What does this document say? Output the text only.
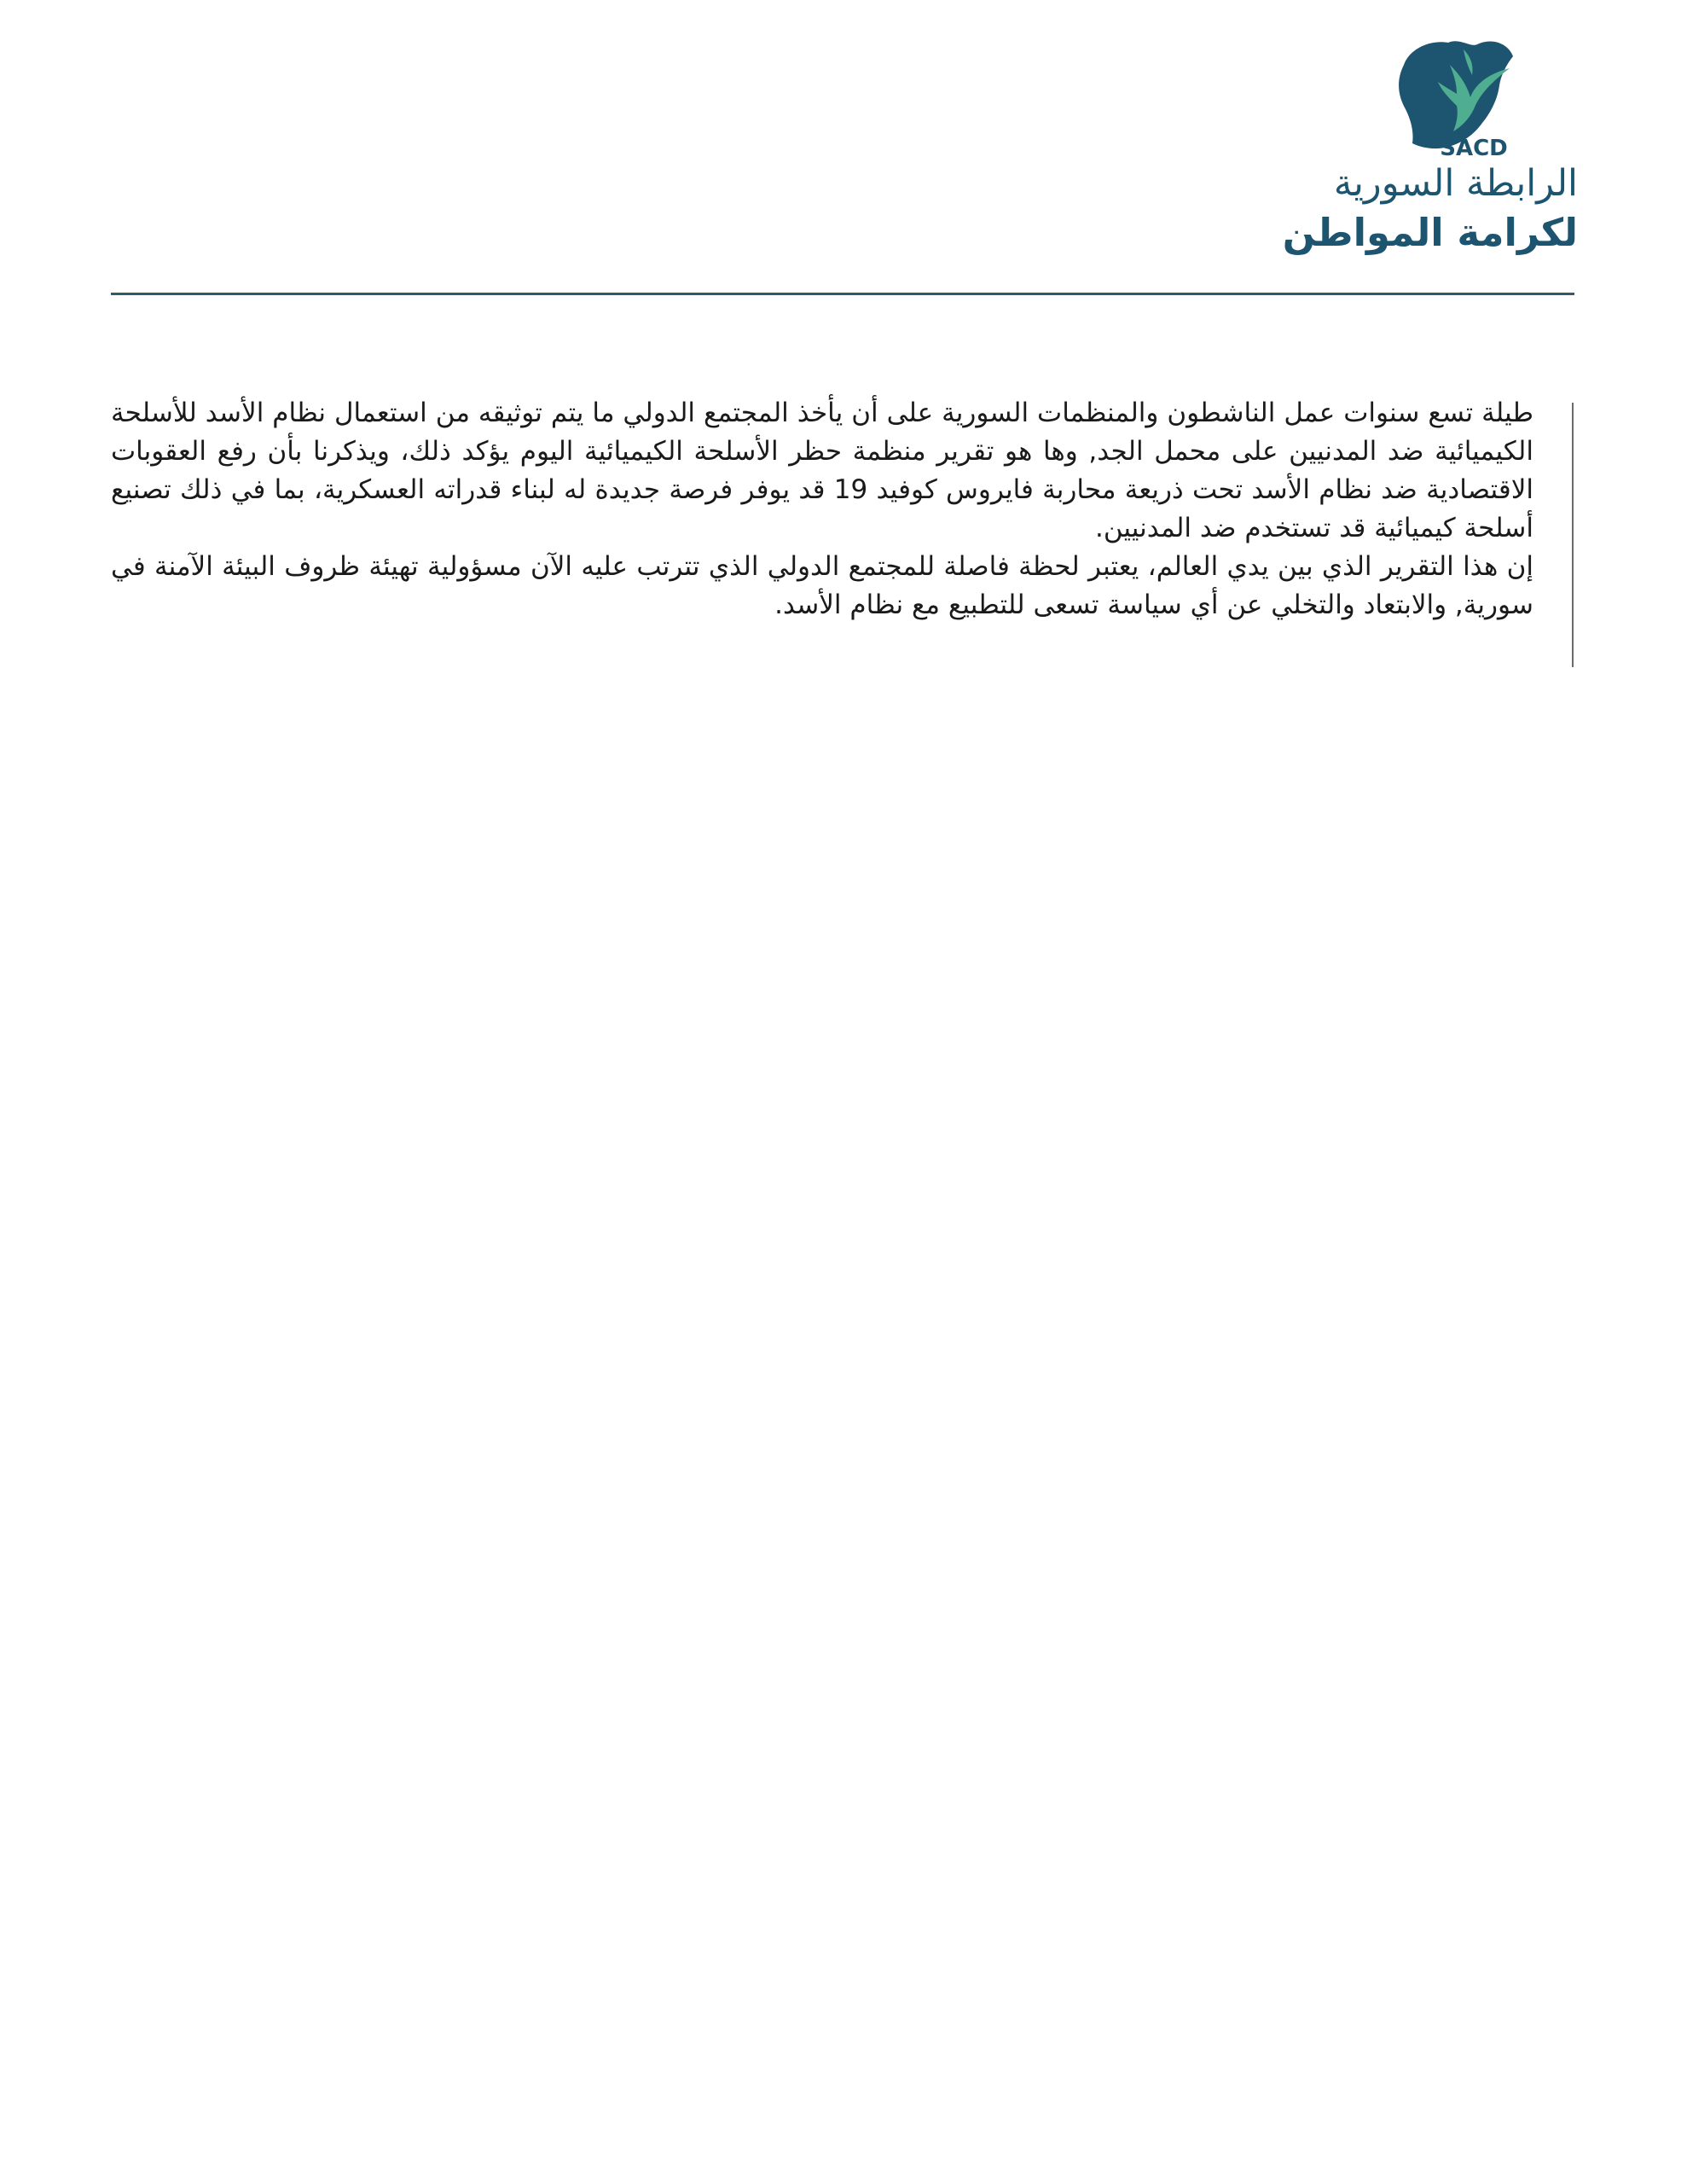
SACD
الرابطة السورية
لكرامة المواطن

طيلة تسع سنوات عمل الناشطون والمنظمات السورية على أن يأخذ المجتمع الدولي ما يتم توثيقه من استعمال نظام الأسد للأسلحة الكيميائية ضد المدنيين على محمل الجد, وها هو تقرير منظمة حظر الأسلحة الكيميائية اليوم يؤكد ذلك، ويذكرنا بأن رفع العقوبات الاقتصادية ضد نظام الأسد تحت ذريعة محاربة فايروس كوفيد 19 قد يوفر فرصة جديدة له لبناء قدراته العسكرية، بما في ذلك تصنيع أسلحة كيميائية قد تستخدم ضد المدنيين.

إن هذا التقرير الذي بين يدي العالم، يعتبر لحظة فاصلة للمجتمع الدولي الذي تترتب عليه الآن مسؤولية تهيئة ظروف البيئة الآمنة في سورية, والابتعاد والتخلي عن أي سياسة تسعى للتطبيع مع نظام الأسد.
